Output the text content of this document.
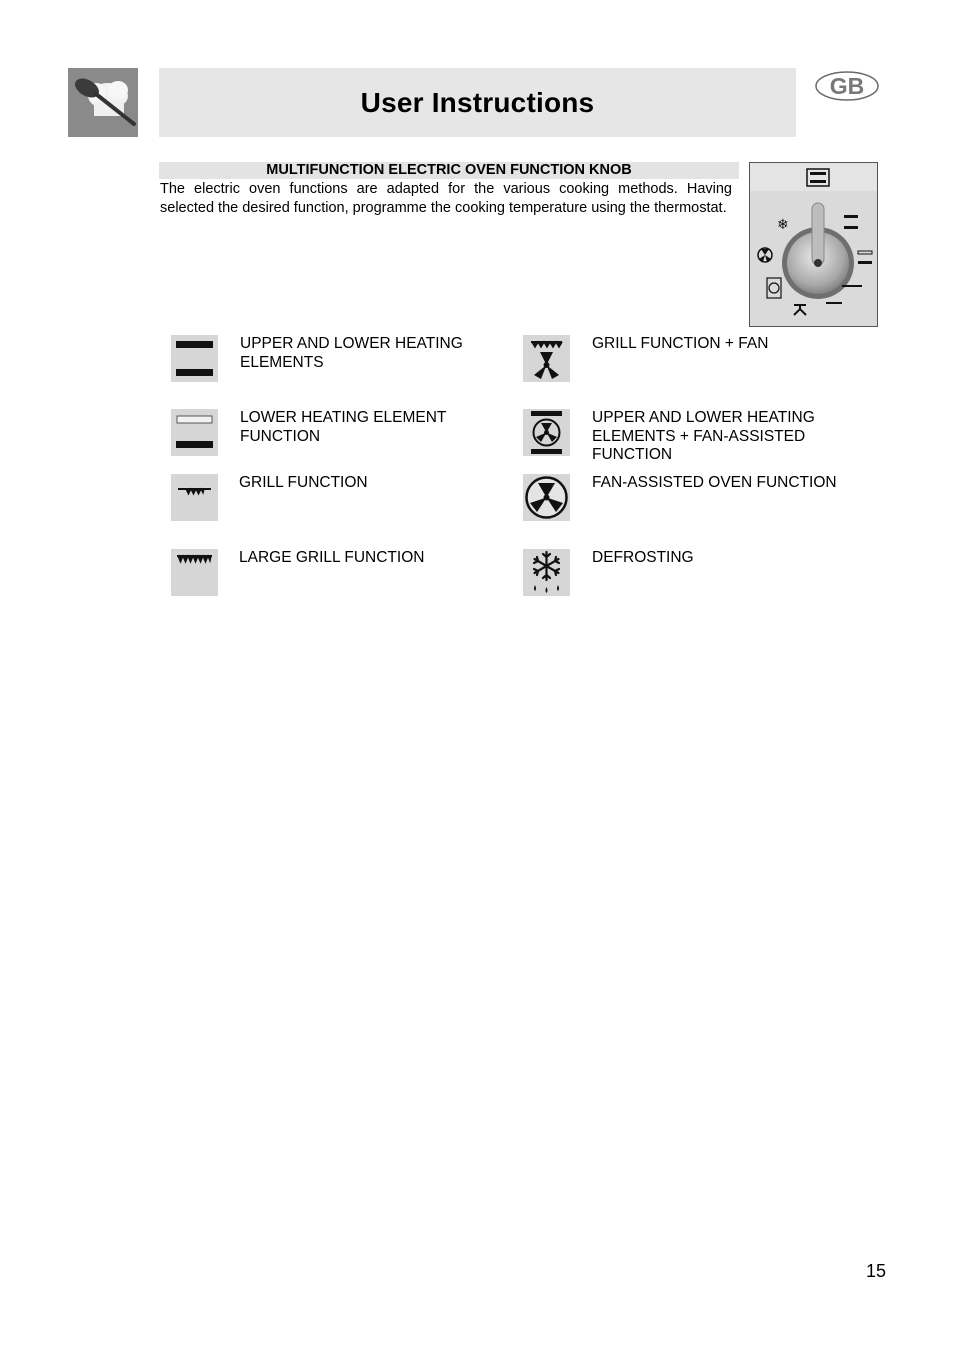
User Instructions
GB
MULTIFUNCTION ELECTRIC OVEN FUNCTION KNOB

The electric oven functions are adapted for the various cooking methods. Having selected the desired function, programme the cooking temperature using the thermostat.

❄

UPPER AND LOWER HEATING ELEMENTS

GRILL FUNCTION + FAN

LOWER HEATING ELEMENT FUNCTION

UPPER AND LOWER HEATING ELEMENTS + FAN-ASSISTED FUNCTION

GRILL FUNCTION	FAN-ASSISTED OVEN FUNCTION

LARGE GRILL FUNCTION	DEFROSTING

15
